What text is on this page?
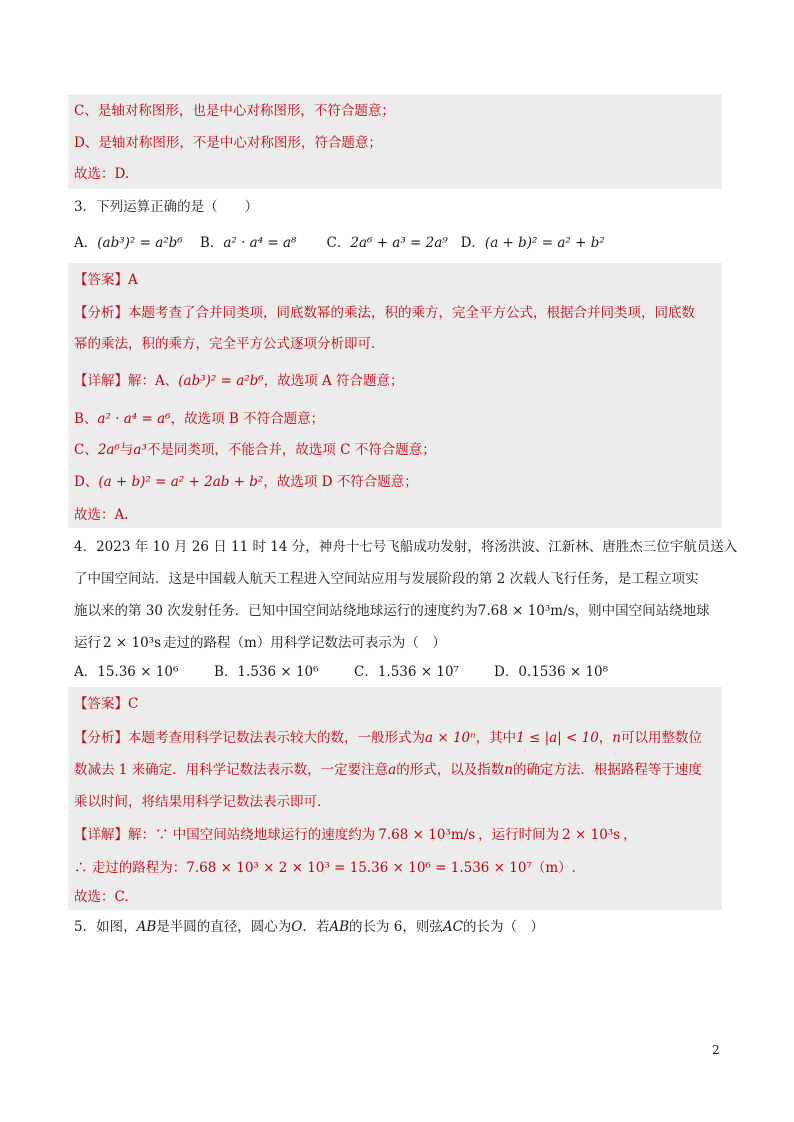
C、是轴对称图形，也是中心对称图形，不符合题意；
D、是轴对称图形，不是中心对称图形，符合题意；
故选：D.
3．下列运算正确的是（　　）
A．(ab³)² = a²b⁶ B．a² · a⁴ = a⁸ C．2a⁶ + a³ = 2a⁹ D．(a + b)² = a² + b²
【答案】A
【分析】本题考查了合并同类项，同底数幂的乘法，积的乘方，完全平方公式，根据合并同类项，同底数
幂的乘法，积的乘方，完全平方公式逐项分析即可.
【详解】解：A、(ab³)² = a²b⁶，故选项 A 符合题意；
B、a² · a⁴ = a⁶，故选项 B 不符合题意；
C、2a⁶与a³不是同类项，不能合并，故选项 C 不符合题意；
D、(a + b)² = a² + 2ab + b²，故选项 D 不符合题意；
故选：A.
4．2023 年 10 月 26 日 11 时 14 分，神舟十七号飞船成功发射，将汤洪波、江新林、唐胜杰三位宇航员送入
了中国空间站．这是中国载人航天工程进入空间站应用与发展阶段的第 2 次载人飞行任务，是工程立项实
施以来的第 30 次发射任务．已知中国空间站绕地球运行的速度约为7.68 × 10³m/s，则中国空间站绕地球
运行 2 × 10³s 走过的路程（m）用科学记数法可表示为（　）
A．15.36 × 10⁶	B．1.536 × 10⁶	C．1.536 × 10⁷	D．0.1536 × 10⁸
【答案】C
【分析】本题考查用科学记数法表示较大的数，一般形式为a × 10ⁿ，其中1 ≤ |a| < 10，n可以用整数位
数减去 1 来确定．用科学记数法表示数，一定要注意a的形式，以及指数n的确定方法．根据路程等于速度
乘以时间，将结果用科学记数法表示即可.
【详解】解：∵ 中国空间站绕地球运行的速度约为 7.68 × 10³m/s ，运行时间为 2 × 10³s ，
∴ 走过的路程为：7.68 × 10³ × 2 × 10³ = 15.36 × 10⁶ = 1.536 × 10⁷（m）.
故选：C.
5．如图，AB是半圆的直径，圆心为O．若AB的长为 6，则弦AC的长为（　）
2
